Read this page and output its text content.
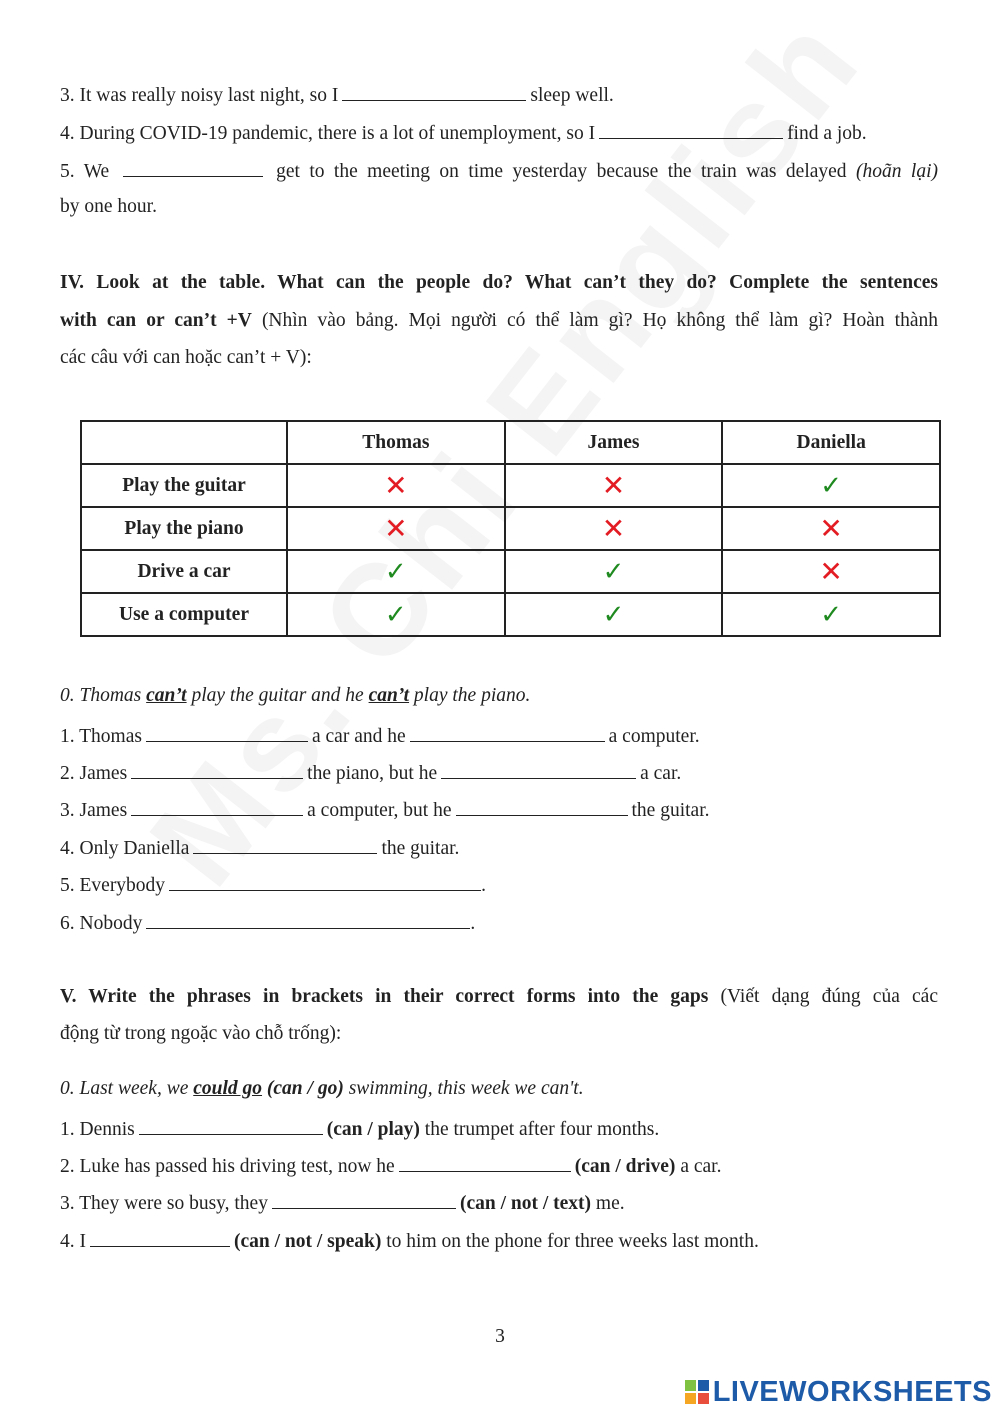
3. It was really noisy last night, so I	sleep well.
4. During COVID-19 pandemic, there is a lot of unemployment, so I	find a job.
5. We	get to the meeting on time yesterday because the train was delayed (hoãn lại)
by one hour.
IV. Look at the table. What can the people do? What can’t they do? Complete the sentences
with can or can’t +V (Nhìn vào bảng. Mọi người có thể làm gì? Họ không thể làm gì? Hoàn thành
các câu với can hoặc can’t + V):
	Thomas	James	Daniella
Play the guitar	✕	✕	✓
Play the piano	✕	✕	✕
Drive a car	✓	✓	✕
Use a computer	✓	✓	✓
0. Thomas can’t play the guitar and he can’t play the piano.
1. Thomas	a car and he	a computer.
2. James	the piano, but he	a car.
3. James	a computer, but he	the guitar.
4. Only Daniella	the guitar.
5. Everybody	.
6. Nobody	.
V. Write the phrases in brackets in their correct forms into the gaps (Viết dạng đúng của các
động từ trong ngoặc vào chỗ trống):
0. Last week, we could go (can / go) swimming, this week we can't.
1. Dennis	(can / play) the trumpet after four months.
2. Luke has passed his driving test, now he	(can / drive) a car.
3. They were so busy, they	(can / not / text) me.
4. I	(can / not / speak) to him on the phone for three weeks last month.
3
LIVEWORKSHEETS
